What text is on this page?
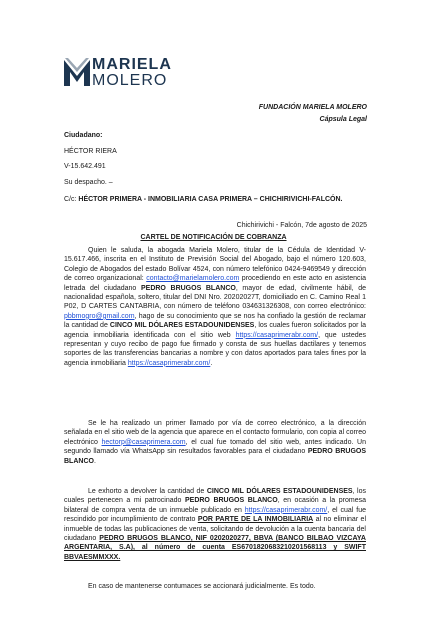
MARIELA
MOLERO
FUNDACIÓN MARIELA MOLERO
Cápsula Legal
Ciudadano:
HÉCTOR RIERA
V-15.642.491
Su despacho. –
C/c: HÉCTOR PRIMERA - INMOBILIARIA CASA PRIMERA – CHICHIRIVICHI-FALCÓN.
Chichirivichi - Falcón, 7de agosto de 2025
CARTEL DE NOTIFICACIÓN DE COBRANZA
Quien le saluda, la abogada Mariela Molero, titular de la Cédula de Identidad V-15.617.466, inscrita en el Instituto de Previsión Social del Abogado, bajo el número 120.603, Colegio de Abogados del estado Bolívar 4524, con número telefónico 0424-9469549 y dirección de correo organizacional: contacto@marielamolero.com procediendo en este acto en asistencia letrada del ciudadano PEDRO BRUGOS BLANCO, mayor de edad, civilmente hábil, de nacionalidad española, soltero, titular del DNI Nro. 20202027T, domiciliado en C. Camino Real 1 P02, D CARTES CANTABRIA, con número de teléfono 034631326308, con correo electrónico: pbbmogro@gmail.com, hago de su conocimiento que se nos ha confiado la gestión de reclamar la cantidad de CINCO MIL DÓLARES ESTADOUNIDENSES, los cuales fueron solicitados por la agencia inmobiliaria identificada con el sitio web https://casaprimerabr.com/, que ustedes representan y cuyo recibo de pago fue firmado y consta de sus huellas dactilares y tenemos soportes de las transferencias bancarias a nombre y con datos aportados para tales fines por la agencia inmobiliaria https://casaprimerabr.com/.
Se le ha realizado un primer llamado por vía de correo electrónico, a la dirección señalada en el sitio web de la agencia que aparece en el contacto formulario, con copia al correo electrónico hectorp@casaprimera.com, el cual fue tomado del sitio web, antes indicado. Un segundo llamado vía WhatsApp sin resultados favorables para el ciudadano PEDRO BRUGOS BLANCO.
Le exhorto a devolver la cantidad de CINCO MIL DÓLARES ESTADOUNIDENSES, los cuales pertenecen a mi patrocinado PEDRO BRUGOS BLANCO, en ocasión a la promesa bilateral de compra venta de un inmueble publicado en https://casaprimerabr.com/, el cual fue rescindido por incumplimiento de contrato POR PARTE DE LA INMOBILIARIA al no eliminar el inmueble de todas las publicaciones de venta, solicitando de devolución a la cuenta bancaria del ciudadano PEDRO BRUGOS BLANCO, NIF 0202020277, BBVA (BANCO BILBAO VIZCAYA ARGENTARIA, S.A), al número de cuenta ES6701820683210201568113 y SWIFT BBVAESMMXXX.
En caso de mantenerse contumaces se accionará judicialmente. Es todo.
